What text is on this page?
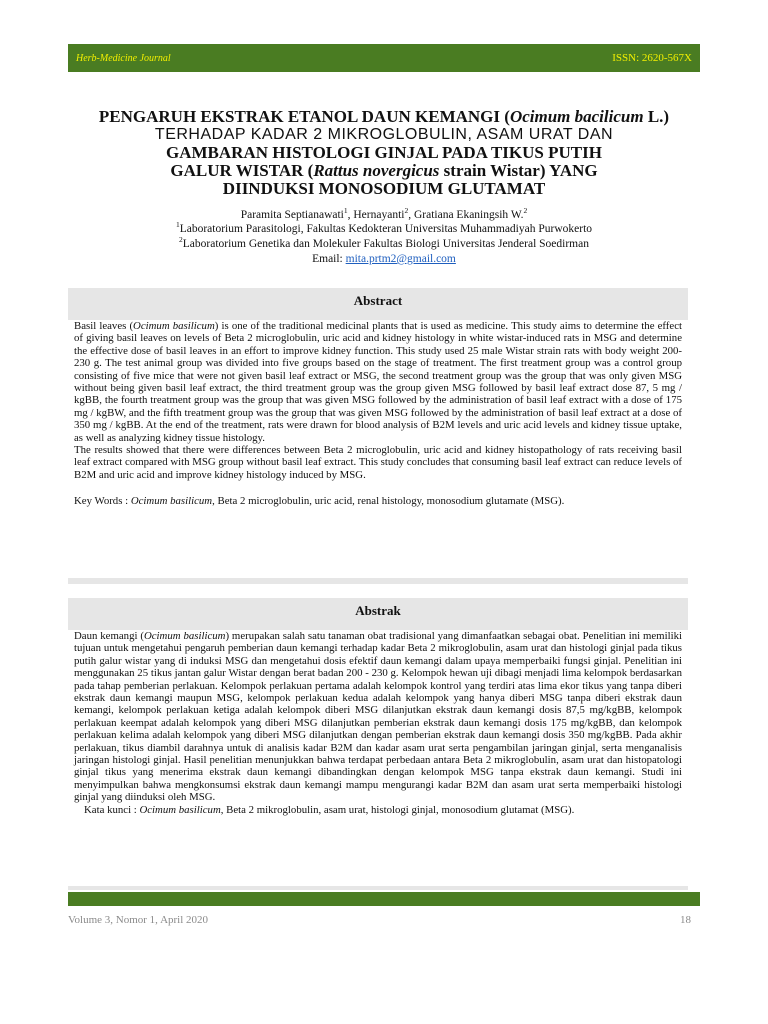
Herb-Medicine Journal	ISSN: 2620-567X

PENGARUH EKSTRAK ETANOL DAUN KEMANGI (Ocimum bacilicum L.)

TERHADAP KADAR 2 MIKROGLOBULIN, ASAM URAT DAN

GAMBARAN HISTOLOGI GINJAL PADA TIKUS PUTIH

GALUR WISTAR (Rattus novergicus strain Wistar) YANG

DIINDUKSI MONOSODIUM GLUTAMAT

Paramita Septianawati$^1$, Hernayanti$^2$, Gratiana Ekaningsih W.$^2$
$^1$Laboratorium Parasitologi, Fakultas Kedokteran Universitas Muhammadiyah Purwokerto
$^2$Laboratorium Genetika dan Molekuler Fakultas Biologi Universitas Jenderal Soedirman
Email: mita.prtm2@gmail.com
Abstract

Basil leaves (Ocimum basilicum) is one of the traditional medicinal plants that is used as medicine. This study aims to determine the effect of giving basil leaves on levels of Beta 2 microglobulin, uric acid and kidney histology in white wistar-induced rats in MSG and determine the effective dose of basil leaves in an effort to improve kidney function. This study used 25 male Wistar strain rats with body weight 200-230 g. The test animal group was divided into five groups based on the stage of treatment. The first treatment group was a control group consisting of five mice that were not given basil leaf extract or MSG, the second treatment group was the group that was only given MSG without being given basil leaf extract, the third treatment group was the group given MSG followed by basil leaf extract dose 87, 5 mg / kgBB, the fourth treatment group was the group that was given MSG followed by the administration of basil leaf extract with a dose of 175 mg / kgBW, and the fifth treatment group was the group that was given MSG followed by the administration of basil leaf extract at a dose of 350 mg / kgBB. At the end of the treatment, rats were drawn for blood analysis of B2M levels and uric acid levels and kidney tissue uptake, as well as analyzing kidney tissue histology.

The results showed that there were differences between Beta 2 microglobulin, uric acid and kidney histopathology of rats receiving basil leaf extract compared with MSG group without basil leaf extract. This study concludes that consuming basil leaf extract can reduce levels of B2M and uric acid and improve kidney histology induced by MSG.

Key Words : Ocimum basilicum, Beta 2 microglobulin, uric acid, renal histology, monosodium glutamate (MSG).

Abstrak

Daun kemangi (Ocimum basilicum) merupakan salah satu tanaman obat tradisional yang dimanfaatkan sebagai obat. Penelitian ini memiliki tujuan untuk mengetahui pengaruh pemberian daun kemangi terhadap kadar Beta 2 mikroglobulin, asam urat dan histologi ginjal pada tikus putih galur wistar yang di induksi MSG dan mengetahui dosis efektif daun kemangi dalam upaya memperbaiki fungsi ginjal. Penelitian ini menggunakan 25 tikus jantan galur Wistar dengan berat badan 200 - 230 g. Kelompok hewan uji dibagi menjadi lima kelompok berdasarkan pada tahap pemberian perlakuan. Kelompok perlakuan pertama adalah kelompok kontrol yang terdiri atas lima ekor tikus yang tanpa diberi ekstrak daun kemangi maupun MSG, kelompok perlakuan kedua adalah kelompok yang hanya diberi MSG tanpa diberi ekstrak daun kemangi, kelompok perlakuan ketiga adalah kelompok diberi MSG dilanjutkan ekstrak daun kemangi dosis 87,5 mg/kgBB, kelompok perlakuan keempat adalah kelompok yang diberi MSG dilanjutkan pemberian ekstrak daun kemangi dosis 175 mg/kgBB, dan kelompok perlakuan kelima adalah kelompok yang diberi MSG dilanjutkan dengan pemberian ekstrak daun kemangi dosis 350 mg/kgBB. Pada akhir perlakuan, tikus diambil darahnya untuk di analisis kadar B2M dan kadar asam urat serta pengambilan jaringan ginjal, serta menganalisis jaringan histologi ginjal. Hasil penelitian menunjukkan bahwa terdapat perbedaan antara Beta 2 mikroglobulin, asam urat dan histopatologi ginjal tikus yang menerima ekstrak daun kemangi dibandingkan dengan kelompok MSG tanpa ekstrak daun kemangi. Studi ini menyimpulkan bahwa mengkonsumsi ekstrak daun kemangi mampu mengurangi kadar B2M dan asam urat serta memperbaiki histologi ginjal yang diinduksi oleh MSG.

Kata kunci : Ocimum basilicum, Beta 2 mikroglobulin, asam urat, histologi ginjal, monosodium glutamat (MSG).

Volume 3, Nomor 1, April 2020	18
